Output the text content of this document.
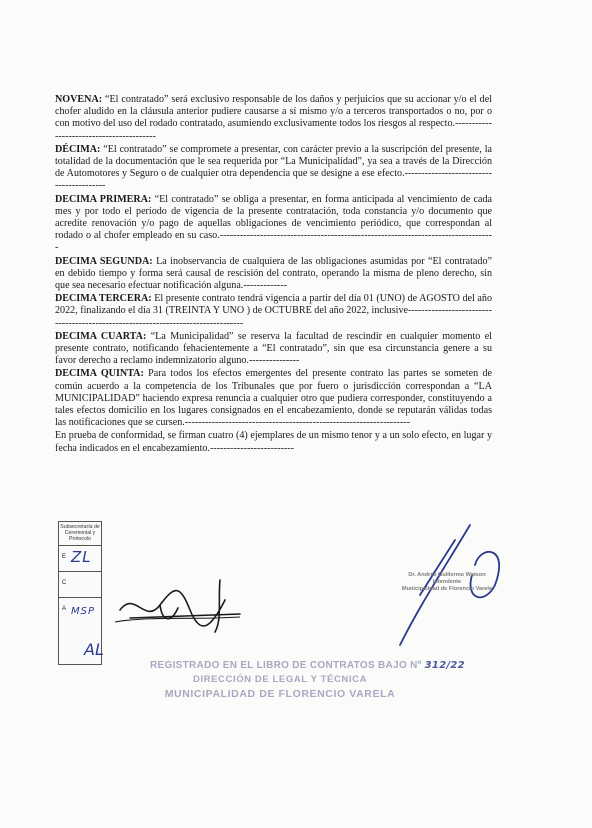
NOVENA: “El contratado” será exclusivo responsable de los daños y perjuicios que su accionar y/o el del chofer aludido en la cláusula anterior pudiere causarse a sí mismo y/o a terceros transportados o no, por o con motivo del uso del rodado contratado, asumiendo exclusivamente todos los riesgos al respecto.-----------------------------------------

DÉCIMA: “El contratado” se compromete a presentar, con carácter previo a la suscripción del presente, la totalidad de la documentación que le sea requerida por “La Municipalidad”, ya sea a través de la Dirección de Automotores y Seguro o de cualquier otra dependencia que se designe a ese efecto.-----------------------------------------

DECIMA PRIMERA: “El contratado” se obliga a presentar, en forma anticipada al vencimiento de cada mes y por todo el período de vigencia de la presente contratación, toda constancia y/o documento que acredite renovación y/o pago de aquellas obligaciones de vencimiento periódico, que correspondan al rodado o al chofer empleado en su caso.----------------------------------------------------------------------------------

DECIMA SEGUNDA: La inobservancia de cualquiera de las obligaciones asumidas por “El contratado” en debido tiempo y forma será causal de rescisión del contrato, operando la misma de pleno derecho, sin que sea necesario efectuar notificación alguna.-------------

DECIMA TERCERA: El presente contrato tendrá vigencia a partir del día 01 (UNO) de AGOSTO del año 2022, finalizando el día 31 (TREINTA Y UNO ) de OCTUBRE del año 2022, inclusive---------------------------------------------------------------------------------

DECIMA CUARTA: “La Municipalidad” se reserva la facultad de rescindir en cualquier momento el presente contrato, notificando fehacientemente a “El contratado”, sin que esa circunstancia genere a su favor derecho a reclamo indemnizatorio alguno.---------------

DECIMA QUINTA: Para todos los efectos emergentes del presente contrato las partes se someten de común acuerdo a la competencia de los Tribunales que por fuero o jurisdicción correspondan a “LA MUNICIPALIDAD” haciendo expresa renuncia a cualquier otro que pudiera corresponder, constituyendo a tales efectos domicilio en los lugares consignados en el encabezamiento, donde se reputarán válidas todas las notificaciones que se cursen.-------------------------------------------------------------------

En prueba de conformidad, se firman cuatro (4) ejemplares de un mismo tenor y a un solo efecto, en lugar y fecha indicados en el encabezamiento.-------------------------

Subsecretaría de Ceremonial y Protocolo
E ZL
C
A MSP
AL
Dr. Andrés Guillermo Watson
Intendente
Municipalidad de Florencio Varela
REGISTRADO EN EL LIBRO DE CONTRATOS BAJO Nº 312/22
DIRECCIÓN DE LEGAL Y TÉCNICA
MUNICIPALIDAD DE FLORENCIO VARELA
